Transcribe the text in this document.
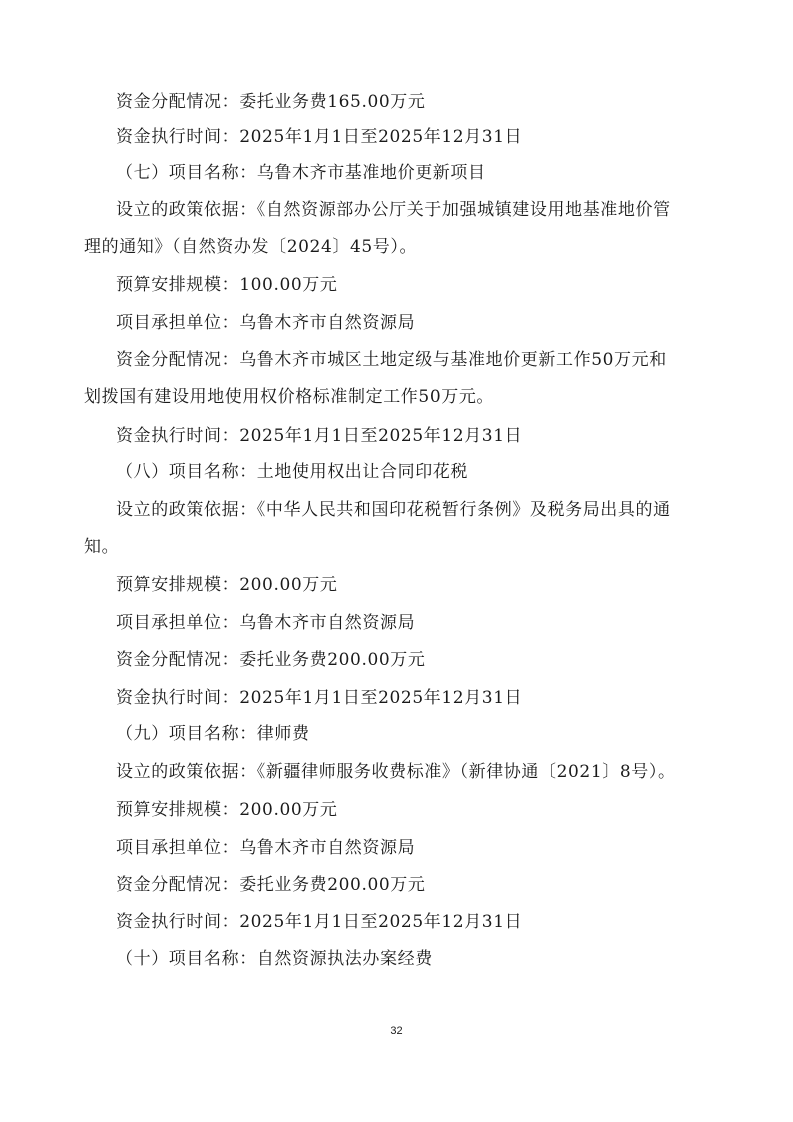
资金分配情况：委托业务费165.00万元
资金执行时间：2025年1月1日至2025年12月31日
（七）项目名称：乌鲁木齐市基准地价更新项目
设立的政策依据：《自然资源部办公厅关于加强城镇建设用地基准地价管
理的通知》（自然资办发〔2024〕45号）。
预算安排规模：100.00万元
项目承担单位：乌鲁木齐市自然资源局
资金分配情况：乌鲁木齐市城区土地定级与基准地价更新工作50万元和
划拨国有建设用地使用权价格标准制定工作50万元。
资金执行时间：2025年1月1日至2025年12月31日
（八）项目名称：土地使用权出让合同印花税
设立的政策依据：《中华人民共和国印花税暂行条例》及税务局出具的通
知。
预算安排规模：200.00万元
项目承担单位：乌鲁木齐市自然资源局
资金分配情况：委托业务费200.00万元
资金执行时间：2025年1月1日至2025年12月31日
（九）项目名称：律师费
设立的政策依据：《新疆律师服务收费标准》（新律协通〔2021〕8号）。
预算安排规模：200.00万元
项目承担单位：乌鲁木齐市自然资源局
资金分配情况：委托业务费200.00万元
资金执行时间：2025年1月1日至2025年12月31日
（十）项目名称：自然资源执法办案经费
32
